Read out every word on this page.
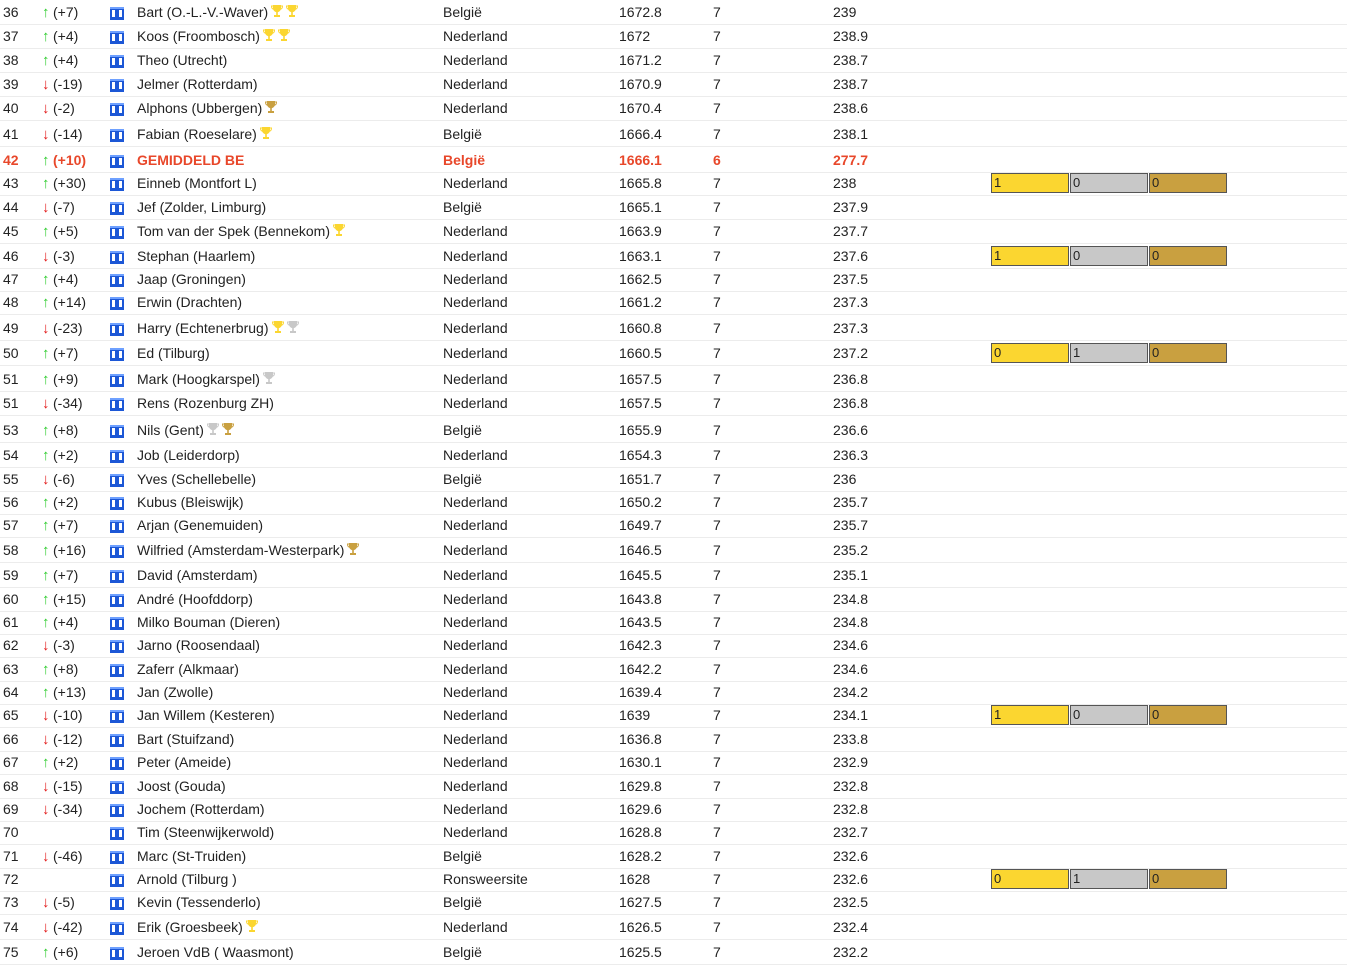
36 ↑ (+7)	Bart (O.-L.-V.-Waver)	België	1672.8	7	239
37 ↑ (+4)	Koos (Froombosch)	Nederland	1672	7	238.9
38 ↑ (+4)	Theo (Utrecht)	Nederland	1671.2	7	238.7
39 ↓ (-19)	Jelmer (Rotterdam)	Nederland	1670.9	7	238.7
40 ↓ (-2)	Alphons (Ubbergen)	Nederland	1670.4	7	238.6
41 ↓ (-14)	Fabian (Roeselare)	België	1666.4	7	238.1
42 ↑ (+10)	GEMIDDELD BE	België	1666.1	6	277.7
43 ↑ (+30)	Einneb (Montfort L)	Nederland	1665.8	7	238	1	0	0
44 ↓ (-7)	Jef (Zolder, Limburg)	België	1665.1	7	237.9
45 ↑ (+5)	Tom van der Spek (Bennekom)	Nederland	1663.9	7	237.7
46 ↓ (-3)	Stephan (Haarlem)	Nederland	1663.1	7	237.6	1	0	0
47 ↑ (+4)	Jaap (Groningen)	Nederland	1662.5	7	237.5
48 ↑ (+14)	Erwin (Drachten)	Nederland	1661.2	7	237.3
49 ↓ (-23)	Harry (Echtenerbrug)	Nederland	1660.8	7	237.3
50 ↑ (+7)	Ed (Tilburg)	Nederland	1660.5	7	237.2	0	1	0
51 ↑ (+9)	Mark (Hoogkarspel)	Nederland	1657.5	7	236.8
51 ↓ (-34)	Rens (Rozenburg ZH)	Nederland	1657.5	7	236.8
53 ↑ (+8)	Nils (Gent)	België	1655.9	7	236.6
54 ↑ (+2)	Job (Leiderdorp)	Nederland	1654.3	7	236.3
55 ↓ (-6)	Yves (Schellebelle)	België	1651.7	7	236
56 ↑ (+2)	Kubus (Bleiswijk)	Nederland	1650.2	7	235.7
57 ↑ (+7)	Arjan (Genemuiden)	Nederland	1649.7	7	235.7
58 ↑ (+16)	Wilfried (Amsterdam-Westerpark)	Nederland	1646.5	7	235.2
59 ↑ (+7)	David (Amsterdam)	Nederland	1645.5	7	235.1
60 ↑ (+15)	André (Hoofddorp)	Nederland	1643.8	7	234.8
61 ↑ (+4)	Milko Bouman (Dieren)	Nederland	1643.5	7	234.8
62 ↓ (-3)	Jarno (Roosendaal)	Nederland	1642.3	7	234.6
63 ↑ (+8)	Zaferr (Alkmaar)	Nederland	1642.2	7	234.6
64 ↑ (+13)	Jan (Zwolle)	Nederland	1639.4	7	234.2
65 ↓ (-10)	Jan Willem (Kesteren)	Nederland	1639	7	234.1	1	0	0
66 ↓ (-12)	Bart (Stuifzand)	Nederland	1636.8	7	233.8
67 ↑ (+2)	Peter (Ameide)	Nederland	1630.1	7	232.9
68 ↓ (-15)	Joost (Gouda)	Nederland	1629.8	7	232.8
69 ↓ (-34)	Jochem (Rotterdam)	Nederland	1629.6	7	232.8
70	Tim (Steenwijkerwold)	Nederland	1628.8	7	232.7
71 ↓ (-46)	Marc (St-Truiden)	België	1628.2	7	232.6
72	Arnold (Tilburg )	Ronsweersite	1628	7	232.6	0	1	0
73 ↓ (-5)	Kevin (Tessenderlo)	België	1627.5	7	232.5
74 ↓ (-42)	Erik (Groesbeek)	Nederland	1626.5	7	232.4
75 ↑ (+6)	Jeroen VdB ( Waasmont)	België	1625.5	7	232.2
